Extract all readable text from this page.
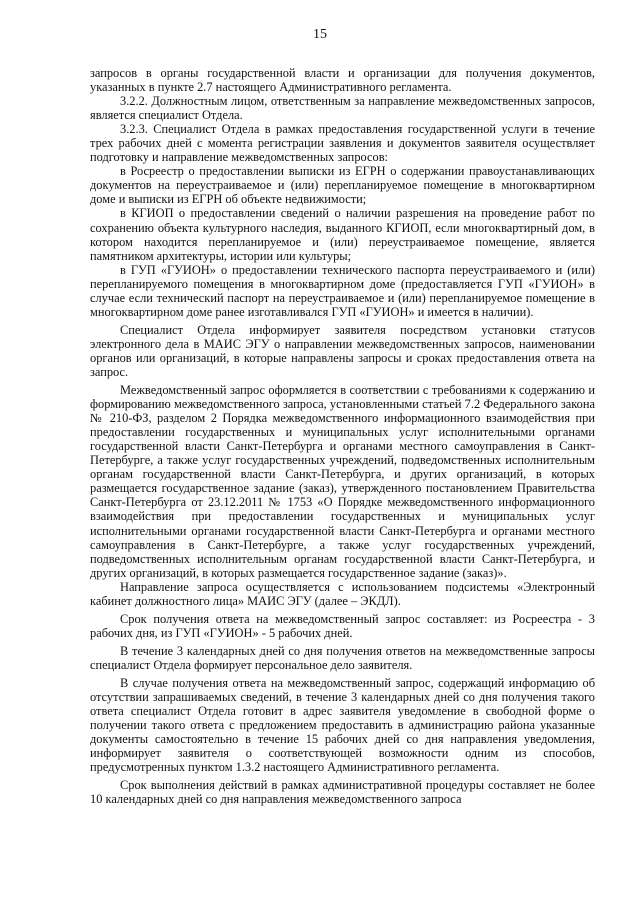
15

запросов в органы государственной власти и организации для получения документов, указанных в пункте 2.7 настоящего Административного регламента.

3.2.2. Должностным лицом, ответственным за направление межведомственных запросов, является специалист Отдела.

3.2.3. Специалист Отдела в рамках предоставления государственной услуги в течение трех рабочих дней с момента регистрации заявления и документов заявителя осуществляет подготовку и направление межведомственных запросов:

в Росреестр о предоставлении выписки из ЕГРН о содержании правоустанавливающих документов на переустраиваемое и (или) перепланируемое помещение в многоквартирном доме и выписки из ЕГРН об объекте недвижимости;

в КГИОП о предоставлении сведений о наличии разрешения на проведение работ по сохранению объекта культурного наследия, выданного КГИОП, если многоквартирный дом, в котором находится перепланируемое и (или) переустраиваемое помещение, является памятником архитектуры, истории или культуры;

в ГУП «ГУИОН» о предоставлении технического паспорта переустраиваемого и (или) перепланируемого помещения в многоквартирном доме (предоставляется ГУП «ГУИОН» в случае если технический паспорт на переустраиваемое и (или) перепланируемое помещение в многоквартирном доме ранее изготавливался ГУП «ГУИОН» и имеется в наличии).

Специалист Отдела информирует заявителя посредством установки статусов электронного дела в МАИС ЭГУ о направлении межведомственных запросов, наименовании органов или организаций, в которые направлены запросы и сроках предоставления ответа на запрос.

Межведомственный запрос оформляется в соответствии с требованиями к содержанию и формированию межведомственного запроса, установленными статьей 7.2 Федерального закона № 210-ФЗ, разделом 2 Порядка межведомственного информационного взаимодействия при предоставлении государственных и муниципальных услуг исполнительными органами государственной власти Санкт-Петербурга и органами местного самоуправления в Санкт-Петербурге, а также услуг государственных учреждений, подведомственных исполнительным органам государственной власти Санкт-Петербурга, и других организаций, в которых размещается государственное задание (заказ), утвержденного постановлением Правительства Санкт-Петербурга от 23.12.2011 № 1753 «О Порядке межведомственного информационного взаимодействия при предоставлении государственных и муниципальных услуг исполнительными органами государственной власти Санкт-Петербурга и органами местного самоуправления в Санкт-Петербурге, а также услуг государственных учреждений, подведомственных исполнительным органам государственной власти Санкт-Петербурга, и других организаций, в которых размещается государственное задание (заказ)».

Направление запроса осуществляется с использованием подсистемы «Электронный кабинет должностного лица» МАИС ЭГУ (далее – ЭКДЛ).

Срок получения ответа на межведомственный запрос составляет: из Росреестра - 3 рабочих дня, из ГУП «ГУИОН» - 5 рабочих дней.

В течение 3 календарных дней со дня получения ответов на межведомственные запросы специалист Отдела формирует персональное дело заявителя.

В случае получения ответа на межведомственный запрос, содержащий информацию об отсутствии запрашиваемых сведений, в течение 3 календарных дней со дня получения такого ответа специалист Отдела готовит в адрес заявителя уведомление в свободной форме о получении такого ответа с предложением предоставить в администрацию района указанные документы самостоятельно в течение 15 рабочих дней со дня направления уведомления, информирует заявителя о соответствующей возможности одним из способов, предусмотренных пунктом 1.3.2 настоящего Административного регламента.

Срок выполнения действий в рамках административной процедуры составляет не более 10 календарных дней со дня направления межведомственного запроса
